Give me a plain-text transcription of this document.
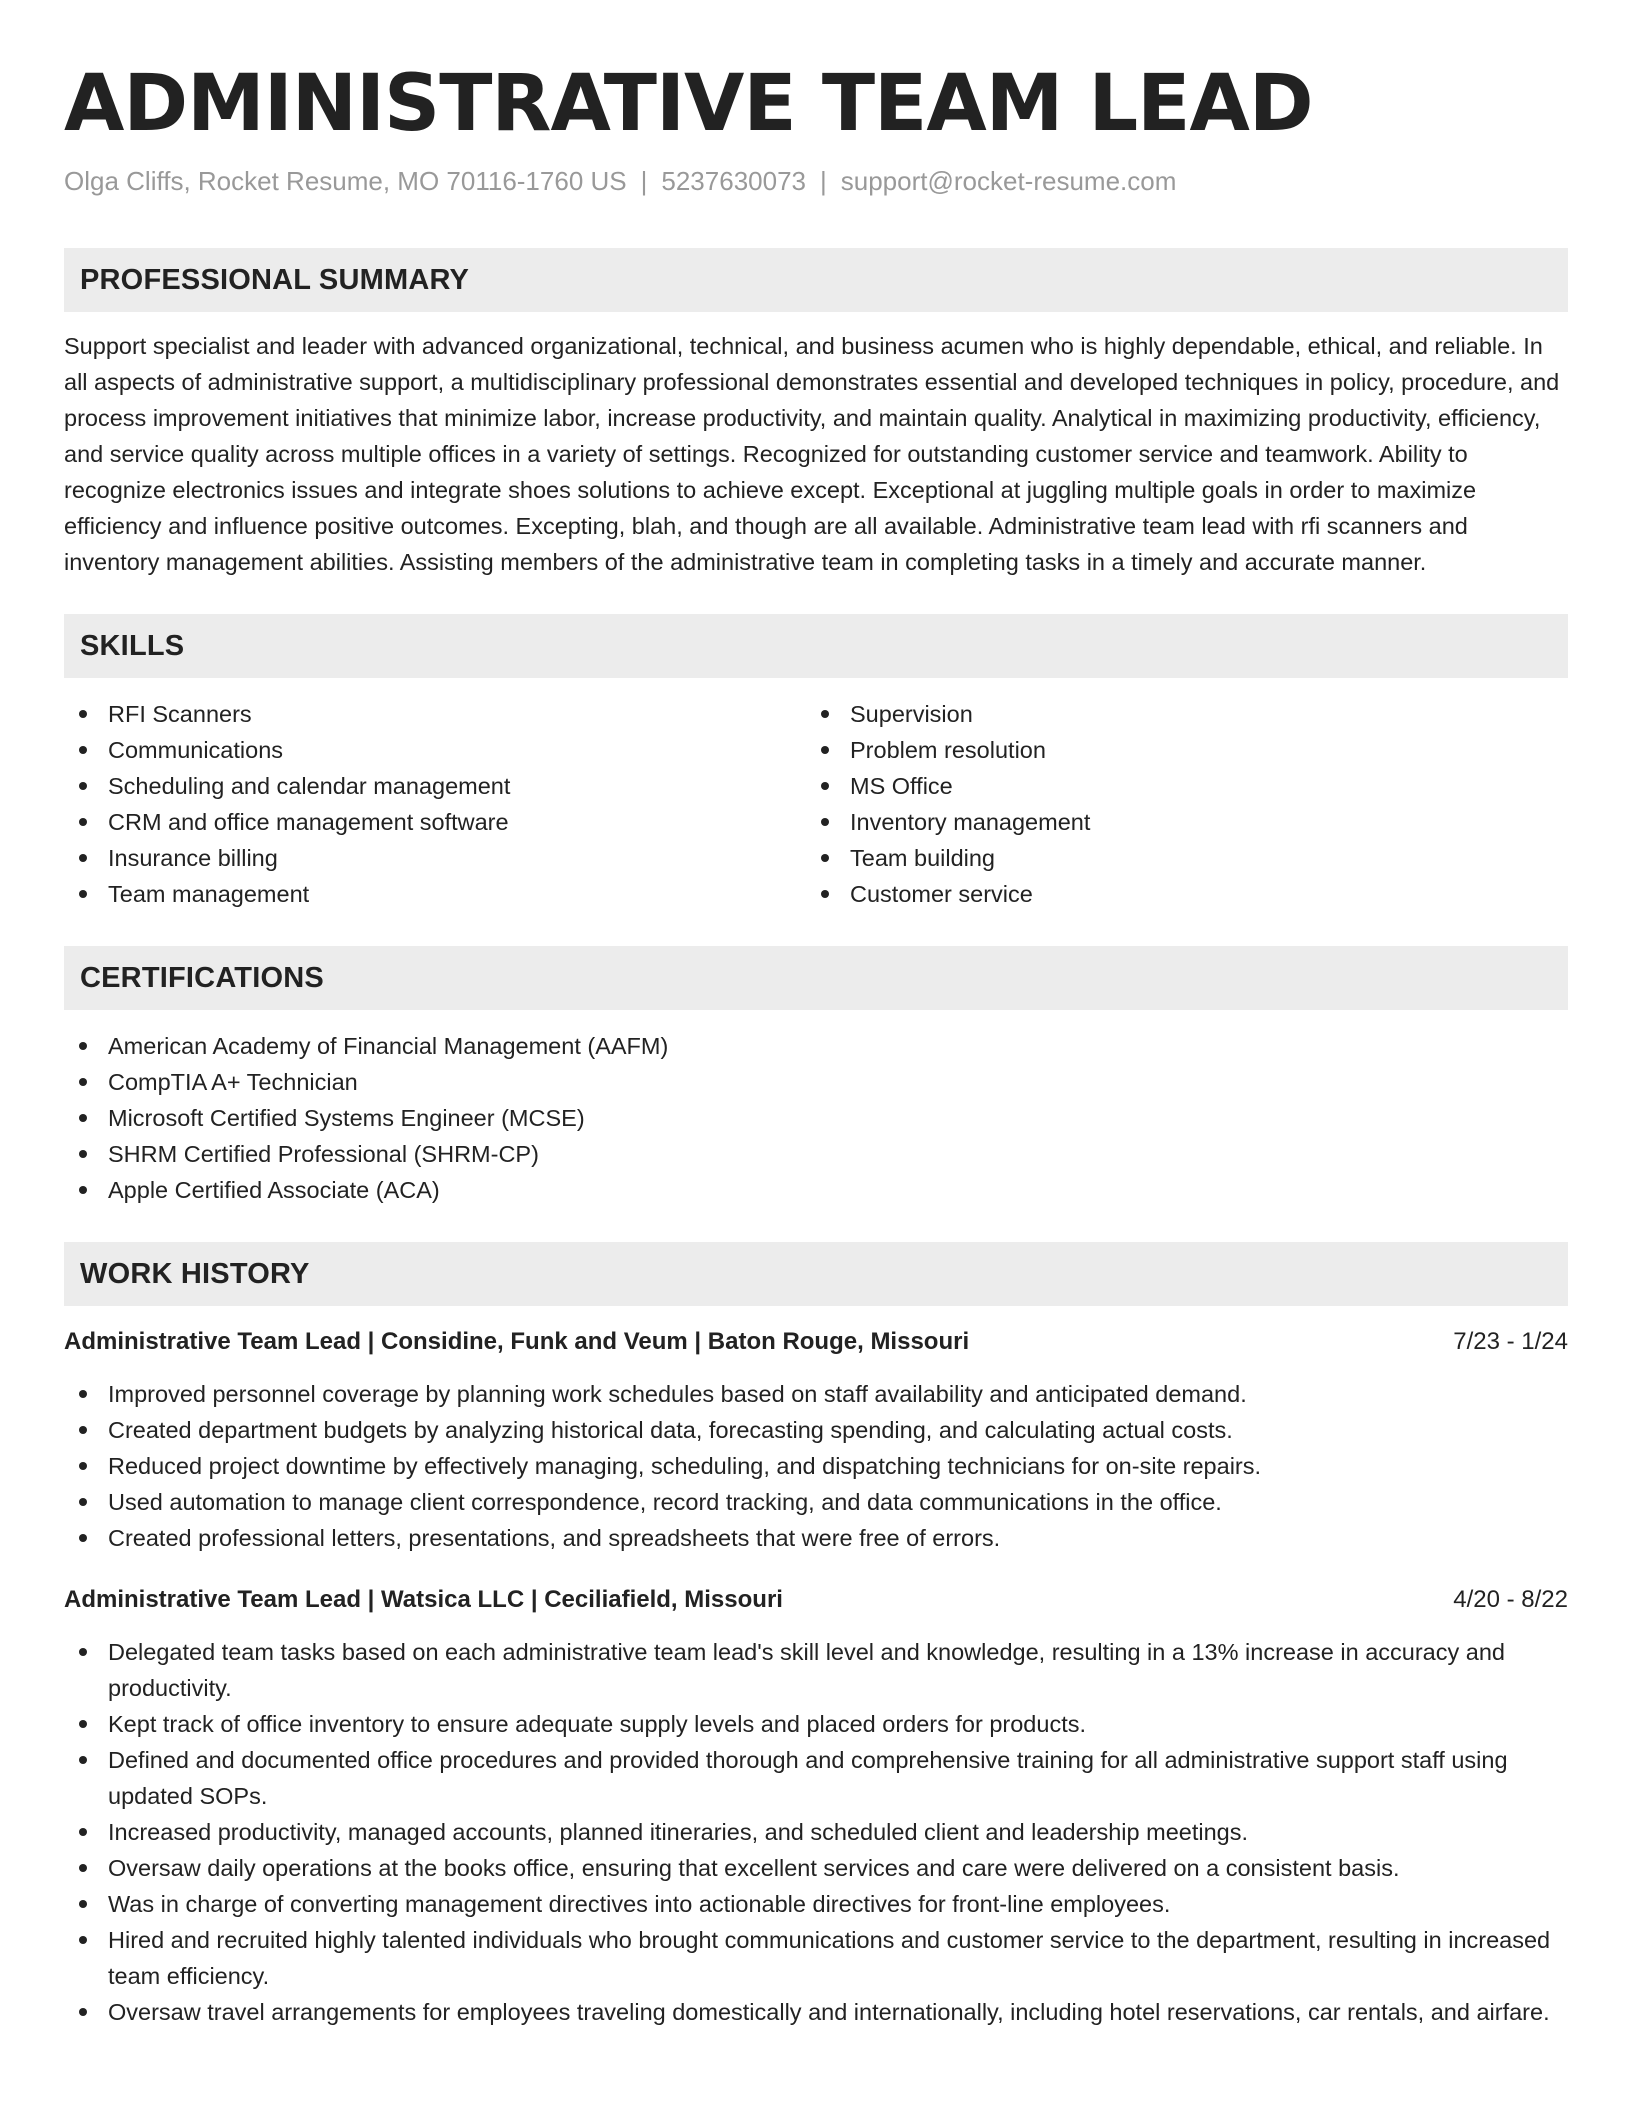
ADMINISTRATIVE TEAM LEAD
Olga Cliffs, Rocket Resume, MO 70116-1760 US | 5237630073 | support@rocket-resume.com
PROFESSIONAL SUMMARY

Support specialist and leader with advanced organizational, technical, and business acumen who is highly dependable, ethical, and reliable. In all aspects of administrative support, a multidisciplinary professional demonstrates essential and developed techniques in policy, procedure, and process improvement initiatives that minimize labor, increase productivity, and maintain quality. Analytical in maximizing productivity, efficiency, and service quality across multiple offices in a variety of settings. Recognized for outstanding customer service and teamwork. Ability to recognize electronics issues and integrate shoes solutions to achieve except. Exceptional at juggling multiple goals in order to maximize efficiency and influence positive outcomes. Excepting, blah, and though are all available. Administrative team lead with rfi scanners and inventory management abilities. Assisting members of the administrative team in completing tasks in a timely and accurate manner.

SKILLS
RFI Scanners
Communications
Scheduling and calendar management
CRM and office management software
Insurance billing
Team management
Supervision
Problem resolution
MS Office
Inventory management
Team building
Customer service
CERTIFICATIONS
American Academy of Financial Management (AAFM)
CompTIA A+ Technician
Microsoft Certified Systems Engineer (MCSE)
SHRM Certified Professional (SHRM-CP)
Apple Certified Associate (ACA)
WORK HISTORY
Administrative Team Lead | Considine, Funk and Veum | Baton Rouge, Missouri	7/23 - 1/24
Improved personnel coverage by planning work schedules based on staff availability and anticipated demand.
Created department budgets by analyzing historical data, forecasting spending, and calculating actual costs.
Reduced project downtime by effectively managing, scheduling, and dispatching technicians for on-site repairs.
Used automation to manage client correspondence, record tracking, and data communications in the office.
Created professional letters, presentations, and spreadsheets that were free of errors.
Administrative Team Lead | Watsica LLC | Ceciliafield, Missouri	4/20 - 8/22
Delegated team tasks based on each administrative team lead's skill level and knowledge, resulting in a 13% increase in accuracy and productivity.
Kept track of office inventory to ensure adequate supply levels and placed orders for products.
Defined and documented office procedures and provided thorough and comprehensive training for all administrative support staff using updated SOPs.
Increased productivity, managed accounts, planned itineraries, and scheduled client and leadership meetings.
Oversaw daily operations at the books office, ensuring that excellent services and care were delivered on a consistent basis.
Was in charge of converting management directives into actionable directives for front-line employees.
Hired and recruited highly talented individuals who brought communications and customer service to the department, resulting in increased team efficiency.
Oversaw travel arrangements for employees traveling domestically and internationally, including hotel reservations, car rentals, and airfare.
